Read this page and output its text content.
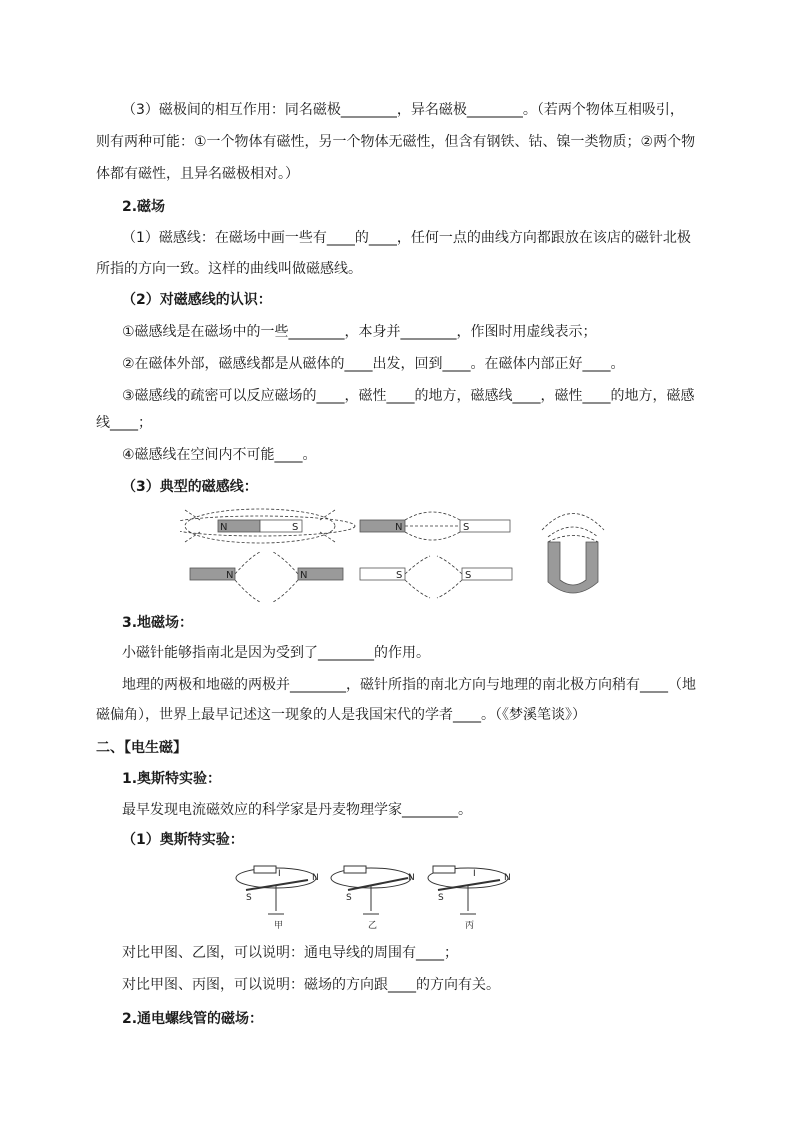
（3）磁极间的相互作用：同名磁极________，异名磁极________。（若两个物体互相吸引，
则有两种可能：①一个物体有磁性，另一个物体无磁性，但含有钢铁、钴、镍一类物质；②两个物
体都有磁性，且异名磁极相对。）
2.磁场
（1）磁感线：在磁场中画一些有____的____，任何一点的曲线方向都跟放在该店的磁针北极
所指的方向一致。这样的曲线叫做磁感线。
（2）对磁感线的认识：
①磁感线是在磁场中的一些________，本身并________，作图时用虚线表示；
②在磁体外部，磁感线都是从磁体的____出发，回到____。在磁体内部正好____。
③磁感线的疏密可以反应磁场的____，磁性____的地方，磁感线____，磁性____的地方，磁感
线____；
④磁感线在空间内不可能____。
（3）典型的磁感线：
3.地磁场：
小磁针能够指南北是因为受到了________的作用。
地理的两极和地磁的两极并________，磁针所指的南北方向与地理的南北极方向稍有____（地
磁偏角），世界上最早记述这一现象的人是我国宋代的学者____。（《梦溪笔谈》）
二、【电生磁】
1.奥斯特实验：
最早发现电流磁效应的科学家是丹麦物理学家________。
（1）奥斯特实验：
对比甲图、乙图，可以说明：通电导线的周围有____；
对比甲图、丙图，可以说明：磁场的方向跟____的方向有关。
2.通电螺线管的磁场：
N	S	N	S
N	N	S	S
I	N
S
甲
N
S
乙
I	N
S
丙
